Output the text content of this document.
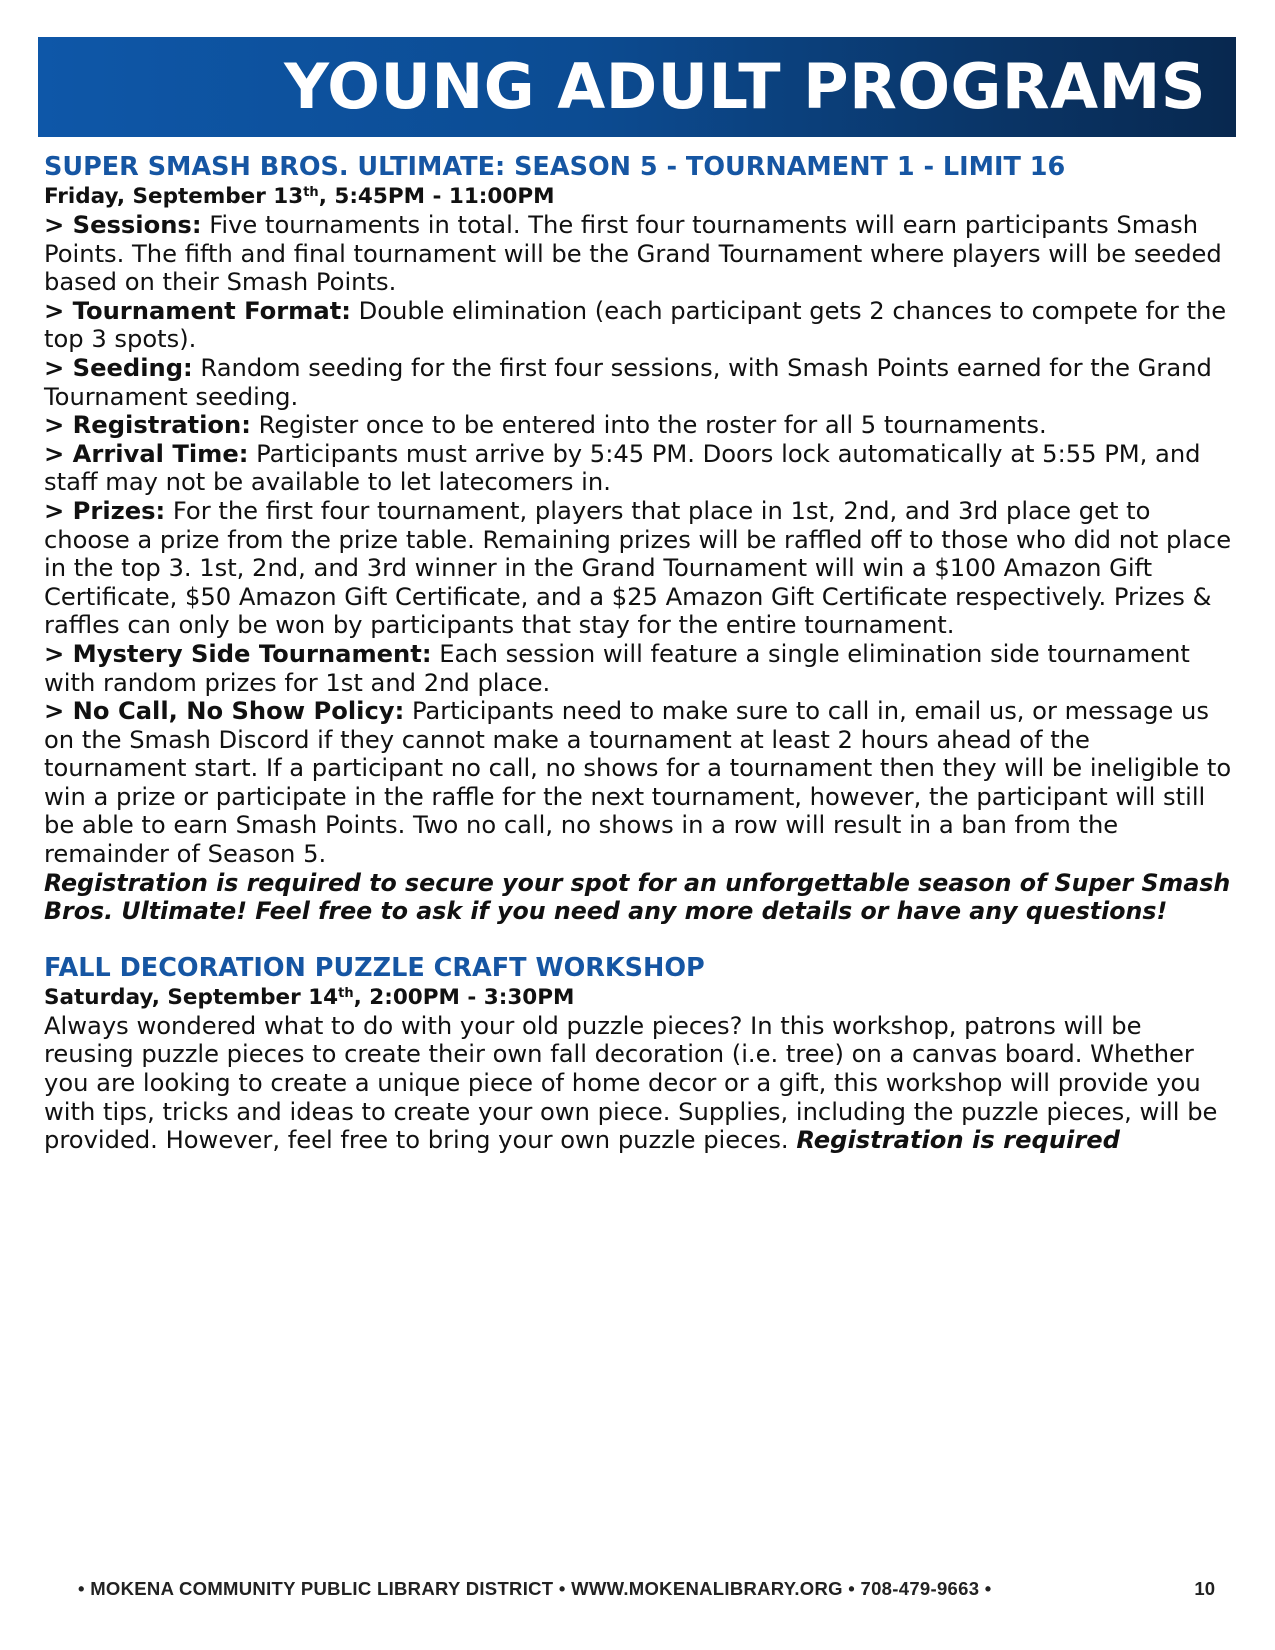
YOUNG ADULT PROGRAMS
SUPER SMASH BROS. ULTIMATE: SEASON 5 - TOURNAMENT 1 - LIMIT 16

Friday, September 13th, 5:45PM - 11:00PM

> Sessions: Five tournaments in total. The first four tournaments will earn participants Smash Points. The fifth and final tournament will be the Grand Tournament where players will be seeded based on their Smash Points.

> Tournament Format: Double elimination (each participant gets 2 chances to compete for the top 3 spots).

> Seeding: Random seeding for the first four sessions, with Smash Points earned for the Grand Tournament seeding.

> Registration: Register once to be entered into the roster for all 5 tournaments.

> Arrival Time: Participants must arrive by 5:45 PM. Doors lock automatically at 5:55 PM, and staff may not be available to let latecomers in.

> Prizes: For the first four tournament, players that place in 1st, 2nd, and 3rd place get to choose a prize from the prize table. Remaining prizes will be raffled off to those who did not place in the top 3. 1st, 2nd, and 3rd winner in the Grand Tournament will win a $100 Amazon Gift Certificate, $50 Amazon Gift Certificate, and a $25 Amazon Gift Certificate respectively. Prizes & raffles can only be won by participants that stay for the entire tournament.

> Mystery Side Tournament: Each session will feature a single elimination side tournament with random prizes for 1st and 2nd place.

> No Call, No Show Policy: Participants need to make sure to call in, email us, or message us on the Smash Discord if they cannot make a tournament at least 2 hours ahead of the tournament start. If a participant no call, no shows for a tournament then they will be ineligible to win a prize or participate in the raffle for the next tournament, however, the participant will still be able to earn Smash Points. Two no call, no shows in a row will result in a ban from the remainder of Season 5.

Registration is required to secure your spot for an unforgettable season of Super Smash Bros. Ultimate! Feel free to ask if you need any more details or have any questions!

FALL DECORATION PUZZLE CRAFT WORKSHOP

Saturday, September 14th, 2:00PM - 3:30PM

Always wondered what to do with your old puzzle pieces? In this workshop, patrons will be reusing puzzle pieces to create their own fall decoration (i.e. tree) on a canvas board. Whether you are looking to create a unique piece of home decor or a gift, this workshop will provide you with tips, tricks and ideas to create your own piece. Supplies, including the puzzle pieces, will be provided. However, feel free to bring your own puzzle pieces. Registration is required

• MOKENA COMMUNITY PUBLIC LIBRARY DISTRICT • WWW.MOKENALIBRARY.ORG • 708-479-9663 •	10
